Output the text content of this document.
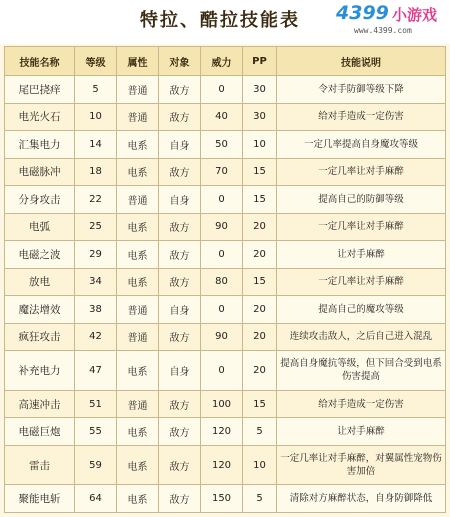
特拉、酷拉技能表 4399 小游戏
www.4399.com
技能名称	等级	属性	对象	威力	PP	技能说明
尾巴挠痒	5	普通	敌方	0	30	令对手防御等级下降
电光火石	10	普通	敌方	40	30	给对手造成一定伤害
汇集电力	14	电系	自身	50	10	一定几率提高自身魔攻等级
电磁脉冲	18	电系	敌方	70	15	一定几率让对手麻醉
分身攻击	22	普通	自身	0	15	提高自己的防御等级
电弧	25	电系	敌方	90	20	一定几率让对手麻醉
电磁之波	29	电系	敌方	0	20	让对手麻醉
放电	34	电系	敌方	80	15	一定几率让对手麻醉
魔法增效	38	普通	自身	0	20	提高自己的魔攻等级
疯狂攻击	42	普通	敌方	90	20	连续攻击敌人，之后自己进入混乱
补充电力	47	电系	自身	0	20	提高自身魔抗等级，但下回合受到电系伤害提高
高速冲击	51	普通	敌方	100	15	给对手造成一定伤害
电磁巨炮	55	电系	敌方	120	5	让对手麻醉
雷击	59	电系	敌方	120	10	一定几率让对手麻醉，对翼属性宠物伤害加倍
聚能电斩	64	电系	敌方	150	5	清除对方麻醉状态，自身防御降低
